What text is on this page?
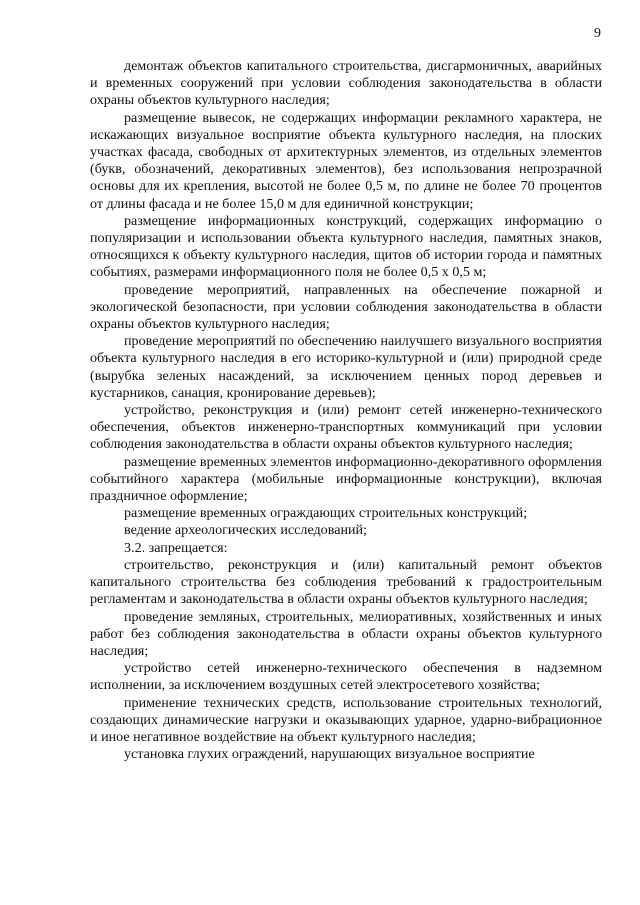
9

демонтаж объектов капитального строительства, дисгармоничных, аварийных и временных сооружений при условии соблюдения законодательства в области охраны объектов культурного наследия;

размещение вывесок, не содержащих информации рекламного характера, не искажающих визуальное восприятие объекта культурного наследия, на плоских участках фасада, свободных от архитектурных элементов, из отдельных элементов (букв, обозначений, декоративных элементов), без использования непрозрачной основы для их крепления, высотой не более 0,5 м, по длине не более 70 процентов от длины фасада и не более 15,0 м для единичной конструкции;

размещение информационных конструкций, содержащих информацию о популяризации и использовании объекта культурного наследия, памятных знаков, относящихся к объекту культурного наследия, щитов об истории города и памятных событиях, размерами информационного поля не более 0,5 х 0,5 м;

проведение мероприятий, направленных на обеспечение пожарной и экологической безопасности, при условии соблюдения законодательства в области охраны объектов культурного наследия;

проведение мероприятий по обеспечению наилучшего визуального восприятия объекта культурного наследия в его историко-культурной и (или) природной среде (вырубка зеленых насаждений, за исключением ценных пород деревьев и кустарников, санация, кронирование деревьев);

устройство, реконструкция и (или) ремонт сетей инженерно-технического обеспечения, объектов инженерно-транспортных коммуникаций при условии соблюдения законодательства в области охраны объектов культурного наследия;

размещение временных элементов информационно-декоративного оформления событийного характера (мобильные информационные конструкции), включая праздничное оформление;

размещение временных ограждающих строительных конструкций;

ведение археологических исследований;

3.2. запрещается:

строительство, реконструкция и (или) капитальный ремонт объектов капитального строительства без соблюдения требований к градостроительным регламентам и законодательства в области охраны объектов культурного наследия;

проведение земляных, строительных, мелиоративных, хозяйственных и иных работ без соблюдения законодательства в области охраны объектов культурного наследия;

устройство сетей инженерно-технического обеспечения в надземном исполнении, за исключением воздушных сетей электросетевого хозяйства;

применение технических средств, использование строительных технологий, создающих динамические нагрузки и оказывающих ударное, ударно-вибрационное и иное негативное воздействие на объект культурного наследия;

установка глухих ограждений, нарушающих визуальное восприятие
